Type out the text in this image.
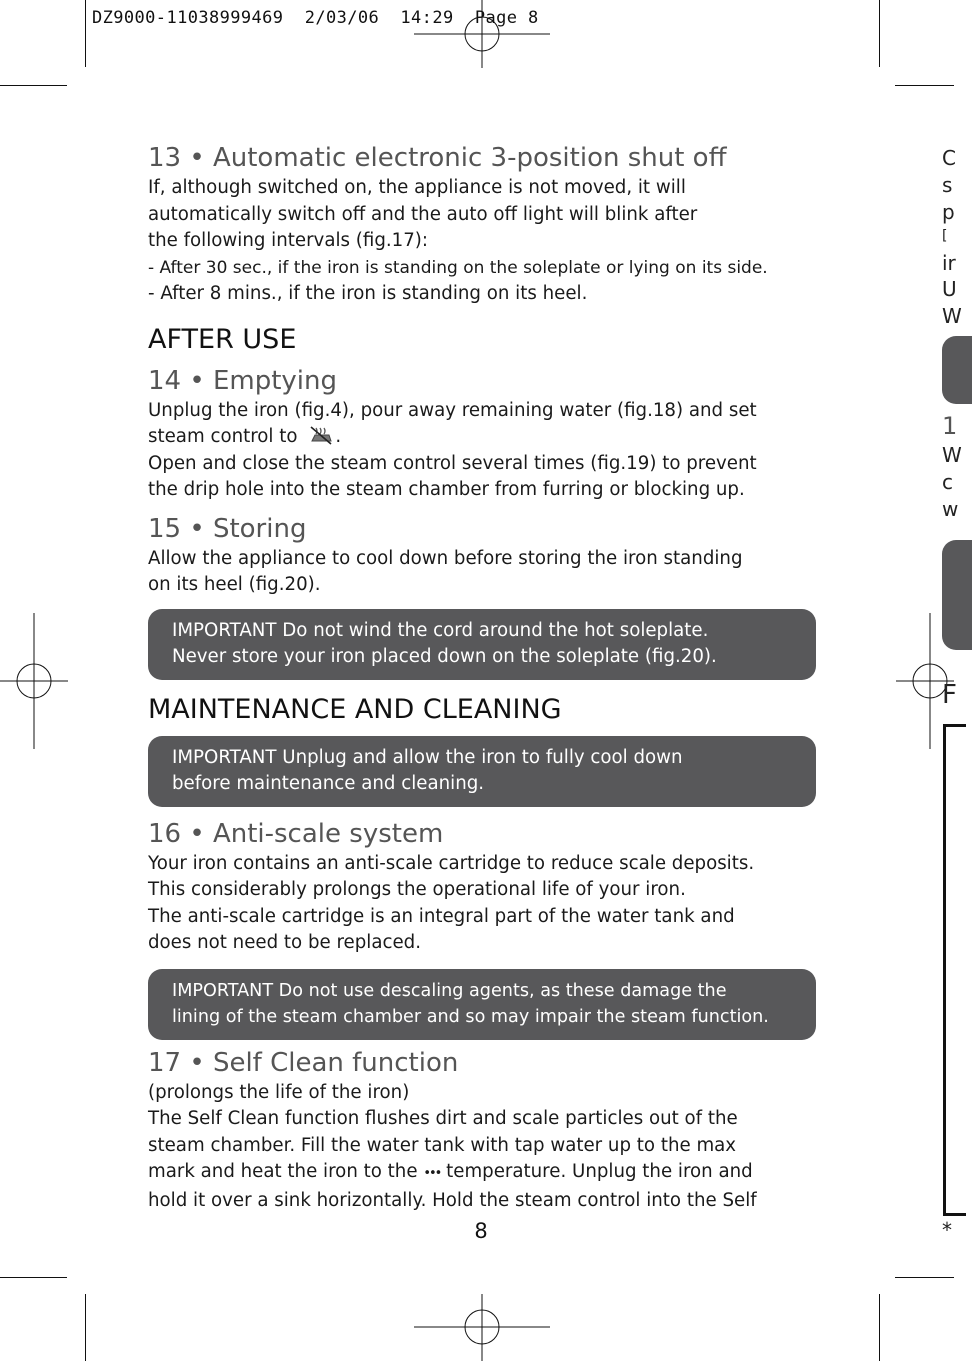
DZ9000-11038999469  2/03/06  14:29  Page 8
13 • Automatic electronic 3-position shut off

If, although switched on, the appliance is not moved, it will

automatically switch off and the auto off light will blink after

the following intervals (fig.17):

- After 30 sec., if the iron is standing on the soleplate or lying on its side.

- After 8 mins., if the iron is standing on its heel.

AFTER USE
14 • Emptying

Unplug the iron (fig.4), pour away remaining water (fig.18) and set

steam control to .

Open and close the steam control several times (fig.19) to prevent

the drip hole into the steam chamber from furring or blocking up.

15 • Storing

Allow the appliance to cool down before storing the iron standing

on its heel (fig.20).

IMPORTANT Do not wind the cord around the hot soleplate.
Never store your iron placed down on the soleplate (fig.20).
MAINTENANCE AND CLEANING
IMPORTANT Unplug and allow the iron to fully cool down
before maintenance and cleaning.
16 • Anti-scale system

Your iron contains an anti-scale cartridge to reduce scale deposits.

This considerably prolongs the operational life of your iron.

The anti-scale cartridge is an integral part of the water tank and

does not need to be replaced.

IMPORTANT Do not use descaling agents, as these damage the
lining of the steam chamber and so may impair the steam function.
17 • Self Clean function

(prolongs the life of the iron)

The Self Clean function flushes dirt and scale particles out of the

steam chamber. Fill the water tank with tap water up to the max

mark and heat the iron to the ••• temperature. Unplug the iron and

hold it over a sink horizontally. Hold the steam control into the Self

8
C
s
p
[
ir
U
W
1
W
c
w
F
*
